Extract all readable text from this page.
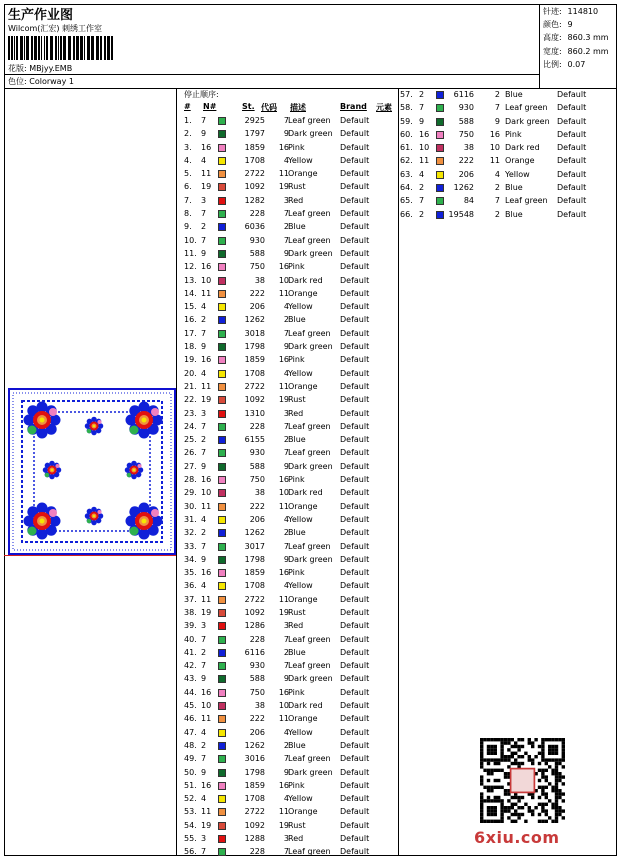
生产作业图
Wilcom(汇宏) 刺绣工作室
花版: MBjyy.EMB
色位: Colorway 1
针迹: 114810
颜色: 9
高度: 860.3 mm
宽度: 860.2 mm
比例: 0.07
停止顺序:
# N#	St. 代码 描述	Brand 元素
1. 7	2925	7 Leaf green Default
2. 9	1797	9 Dark green Default
3. 16	1859	16 Pink	Default
4. 4	1708	4 Yellow	Default
5. 11	2722	11 Orange	Default
6. 19	1092	19 Rust	Default
7. 3	1282	3 Red	Default
8. 7	228	7 Leaf green Default
9. 2	6036	2 Blue	Default
10. 7	930	7 Leaf green Default
11. 9	588	9 Dark green Default
12. 16	750	16 Pink	Default
13. 10	38	10 Dark red Default
14. 11	222	11 Orange	Default
15. 4	206	4 Yellow	Default
16. 2	1262	2 Blue	Default
17. 7	3018	7 Leaf green Default
18. 9	1798	9 Dark green Default
19. 16	1859	16 Pink	Default
20. 4	1708	4 Yellow	Default
21. 11	2722	11 Orange	Default
22. 19	1092	19 Rust	Default
23. 3	1310	3 Red	Default
24. 7	228	7 Leaf green Default
25. 2	6155	2 Blue	Default
26. 7	930	7 Leaf green Default
27. 9	588	9 Dark green Default
28. 16	750	16 Pink	Default
29. 10	38	10 Dark red Default
30. 11	222	11 Orange	Default
31. 4	206	4 Yellow	Default
32. 2	1262	2 Blue	Default
33. 7	3017	7 Leaf green Default
34. 9	1798	9 Dark green Default
35. 16	1859	16 Pink	Default
36. 4	1708	4 Yellow	Default
37. 11	2722	11 Orange	Default
38. 19	1092	19 Rust	Default
39. 3	1286	3 Red	Default
40. 7	228	7 Leaf green Default
41. 2	6116	2 Blue	Default
42. 7	930	7 Leaf green Default
43. 9	588	9 Dark green Default
44. 16	750	16 Pink	Default
45. 10	38	10 Dark red Default
46. 11	222	11 Orange	Default
47. 4	206	4 Yellow	Default
48. 2	1262	2 Blue	Default
49. 7	3016	7 Leaf green Default
50. 9	1798	9 Dark green Default
51. 16	1859	16 Pink	Default
52. 4	1708	4 Yellow	Default
53. 11	2722	11 Orange	Default
54. 19	1092	19 Rust	Default
55. 3	1288	3 Red	Default
56. 7	228	7 Leaf green Default
57. 2	6116	2 Blue	Default
58. 7	930	7 Leaf green Default
59. 9	588	9 Dark green Default
60. 16	750	16 Pink	Default
61. 10	38	10 Dark red Default
62. 11	222	11 Orange	Default
63. 4	206	4 Yellow	Default
64. 2	1262	2 Blue	Default
65. 7	84	7 Leaf green Default
66. 2	19548	2 Blue	Default
6xiu.com
